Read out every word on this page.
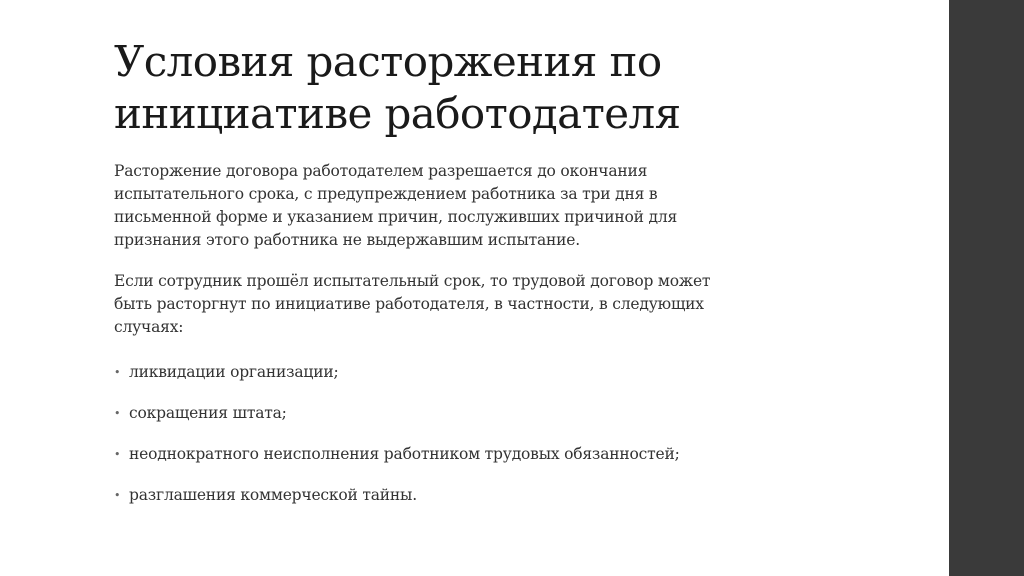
Условия расторжения по
инициативе работодателя

Расторжение договора работодателем разрешается до окончания
испытательного срока, с предупреждением работника за три дня в
письменной форме и указанием причин, послуживших причиной для
признания этого работника не выдержавшим испытание.

Если сотрудник прошёл испытательный срок, то трудовой договор может
быть расторгнут по инициативе работодателя, в частности, в следующих
случаях:

• ликвидации организации;
• сокращения штата;
• неоднократного неисполнения работником трудовых обязанностей;
• разглашения коммерческой тайны.
